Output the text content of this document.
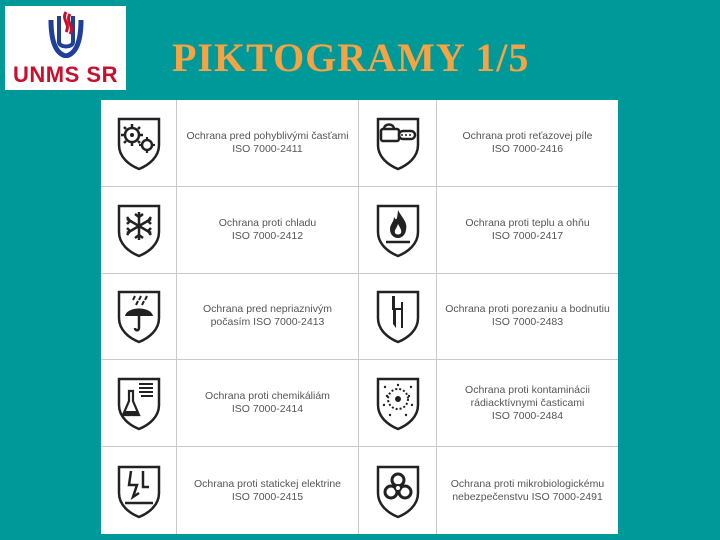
UNMS SR PIKTOGRAMY 1/5
Ochrana pred pohyblivými časťami
ISO 7000-2411
Ochrana proti reťazovej píle
ISO 7000-2416
Ochrana proti chladu
ISO 7000-2412
Ochrana proti teplu a ohňu
ISO 7000-2417
Ochrana pred nepriaznivým
počasím ISO 7000-2413
Ochrana proti porezaniu a bodnutiu
ISO 7000-2483
Ochrana proti chemikáliám
ISO 7000-2414
Ochrana proti kontaminácii
rádiacktívnymi časticami
ISO 7000-2484
Ochrana proti statickej elektrine
ISO 7000-2415
Ochrana proti mikrobiologickému
nebezpečenstvu ISO 7000-2491
